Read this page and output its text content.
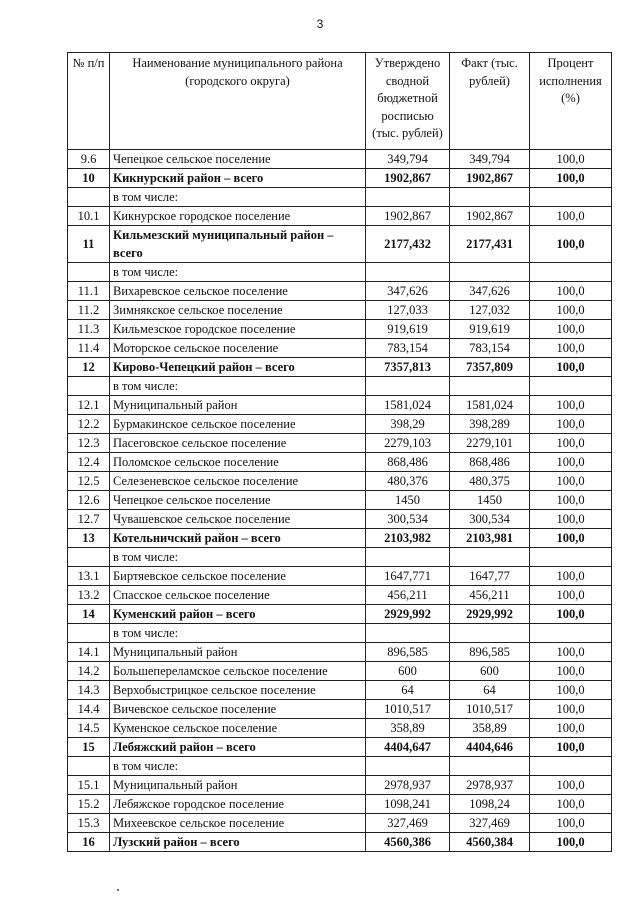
3
№ п/п	Наименование муниципального района (городского округа)	Утверждено сводной бюджетной росписью (тыс. рублей)	Факт (тыс. рублей)	Процент исполнения (%)
9.6	Чепецкое сельское поселение	349,794	349,794	100,0
10	Кикнурский район – всего	1902,867	1902,867	100,0
	в том числе:			
10.1	Кикнурское городское поселение	1902,867	1902,867	100,0
11	Кильмезский муниципальный район – всего	2177,432	2177,431	100,0
	в том числе:			
11.1	Вихаревское сельское поселение	347,626	347,626	100,0
11.2	Зимнякское сельское поселение	127,033	127,032	100,0
11.3	Кильмезское городское поселение	919,619	919,619	100,0
11.4	Моторское сельское поселение	783,154	783,154	100,0
12	Кирово-Чепецкий район – всего	7357,813	7357,809	100,0
	в том числе:			
12.1	Муниципальный район	1581,024	1581,024	100,0
12.2	Бурмакинское сельское поселение	398,29	398,289	100,0
12.3	Пасеговское сельское поселение	2279,103	2279,101	100,0
12.4	Поломское сельское поселение	868,486	868,486	100,0
12.5	Селезеневское сельское поселение	480,376	480,375	100,0
12.6	Чепецкое сельское поселение	1450	1450	100,0
12.7	Чувашевское сельское поселение	300,534	300,534	100,0
13	Котельничский район – всего	2103,982	2103,981	100,0
	в том числе:			
13.1	Биртяевское сельское поселение	1647,771	1647,77	100,0
13.2	Спасское сельское поселение	456,211	456,211	100,0
14	Куменский район – всего	2929,992	2929,992	100,0
	в том числе:			
14.1	Муниципальный район	896,585	896,585	100,0
14.2	Большепереламское сельское поселение	600	600	100,0
14.3	Верхобыстрицкое сельское поселение	64	64	100,0
14.4	Вичевское сельское поселение	1010,517	1010,517	100,0
14.5	Куменское сельское поселение	358,89	358,89	100,0
15	Лебяжский район – всего	4404,647	4404,646	100,0
	в том числе:			
15.1	Муниципальный район	2978,937	2978,937	100,0
15.2	Лебяжское городское поселение	1098,241	1098,24	100,0
15.3	Михеевское сельское поселение	327,469	327,469	100,0
16	Лузский район – всего	4560,386	4560,384	100,0
